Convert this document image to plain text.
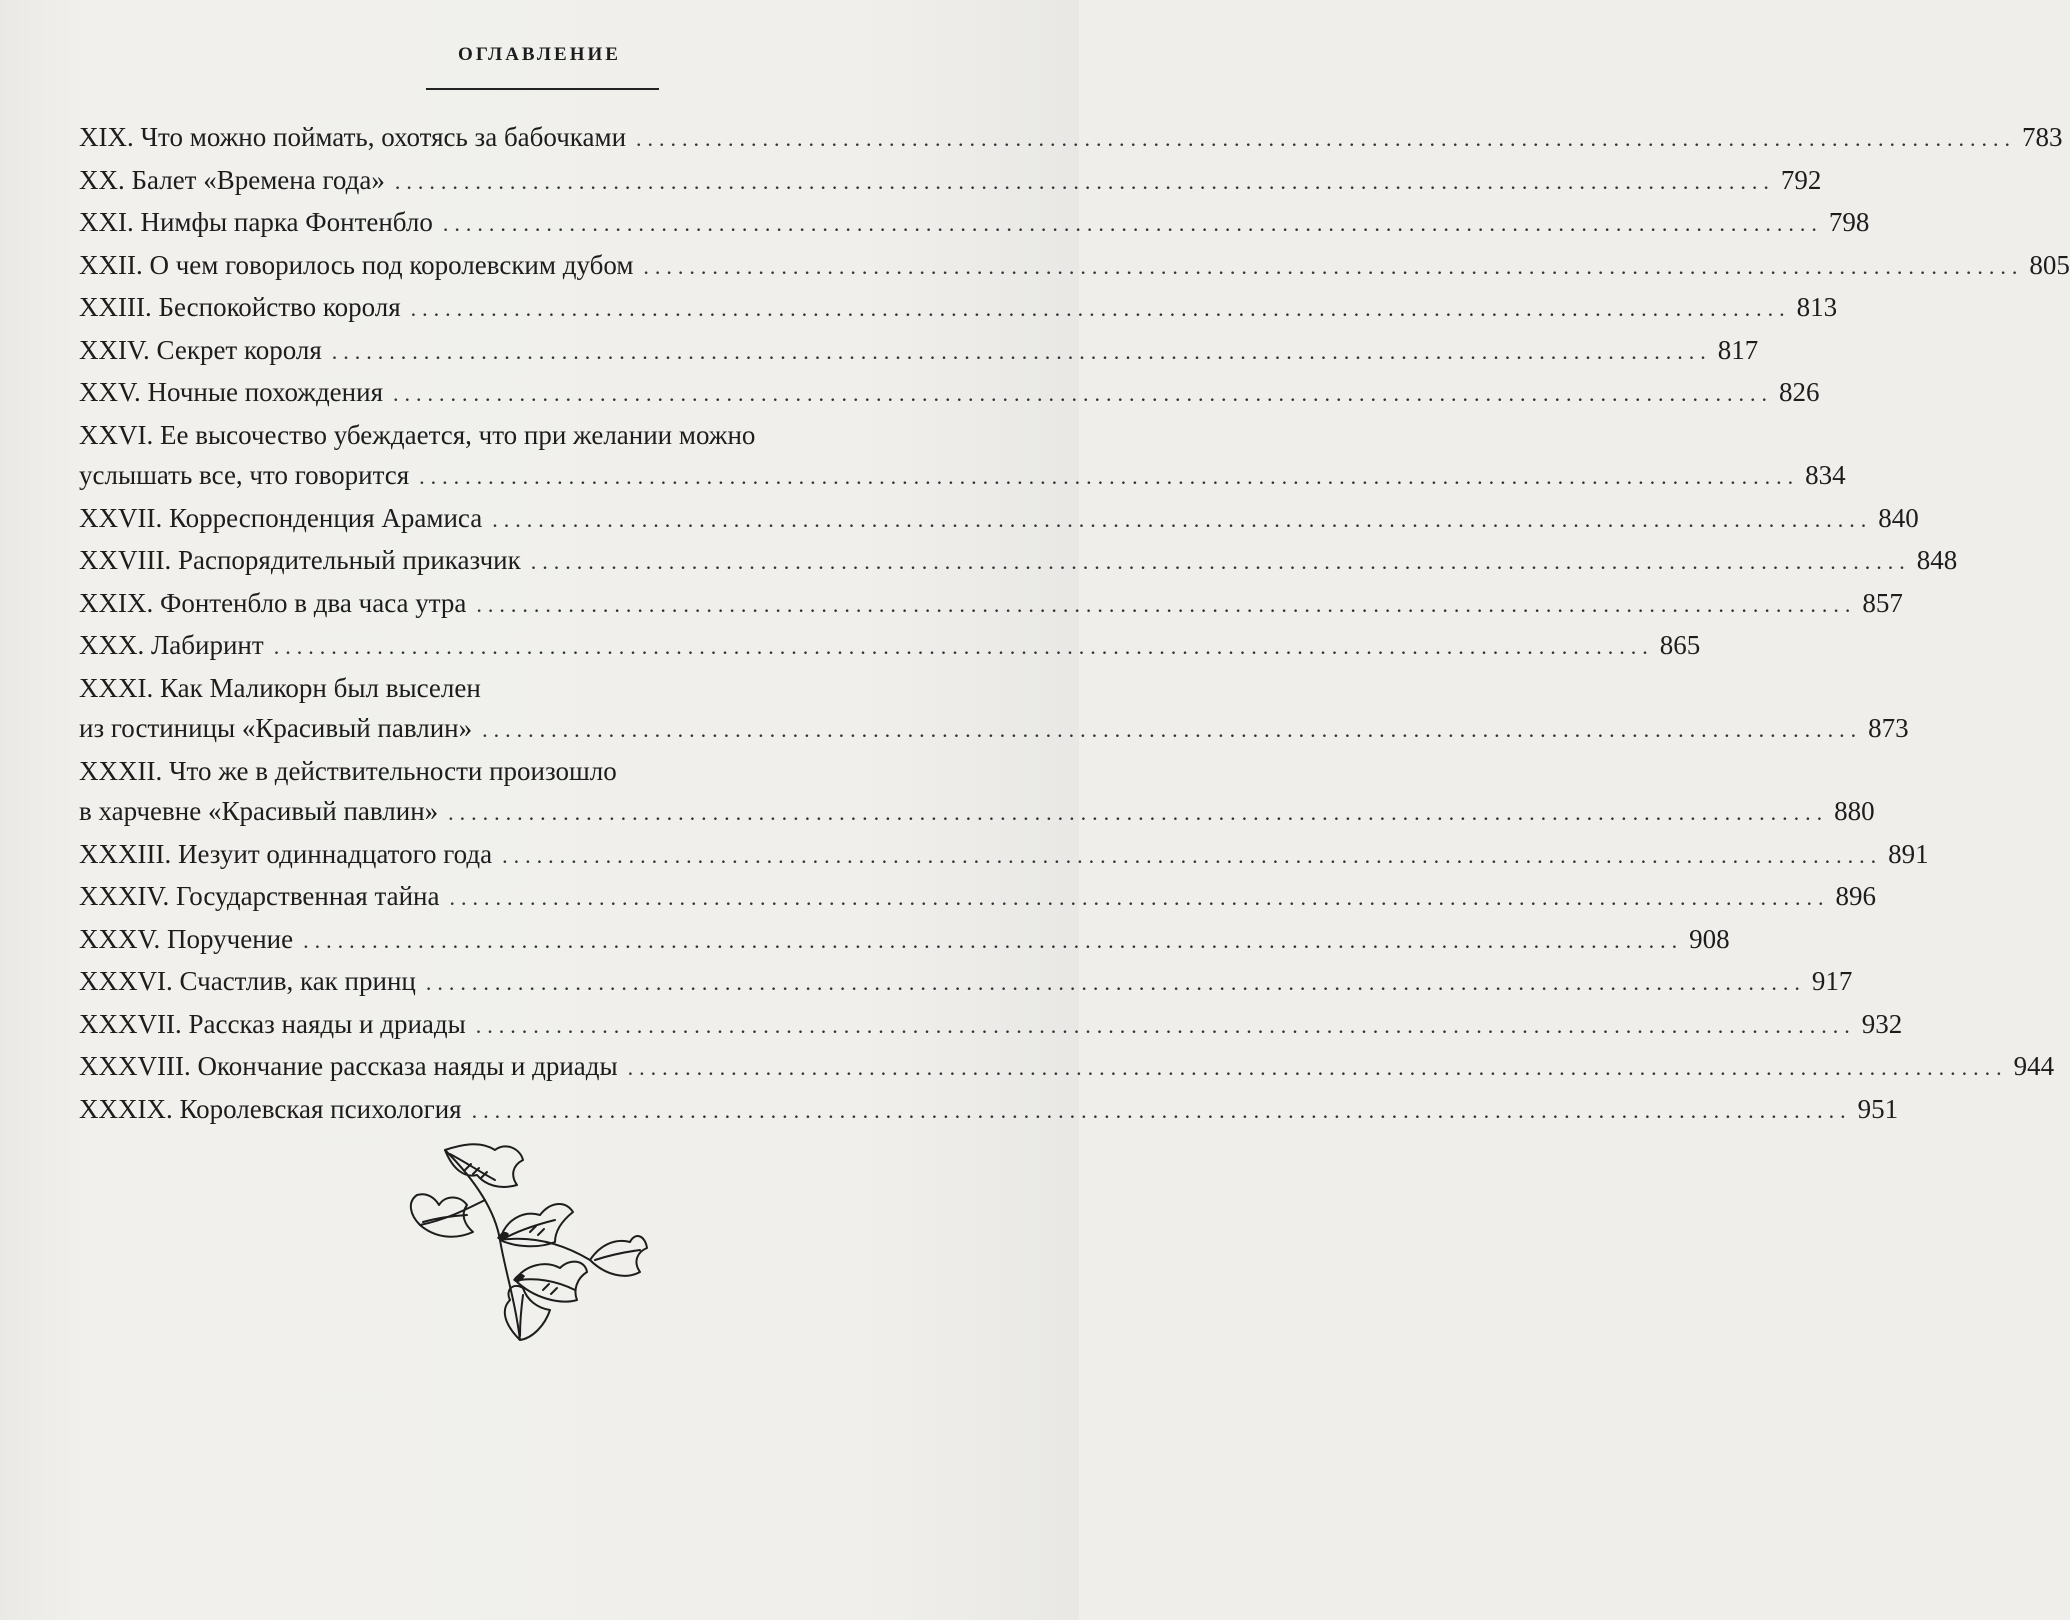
ОГЛАВЛЕНИЕ
XIX. Что можно поймать, охотясь за бабочками ........................................................................................................................ 783
XX. Балет «Времена года» ........................................................................................................................ 792
XXI. Нимфы парка Фонтенбло ........................................................................................................................ 798
XXII. О чем говорилось под королевским дубом ........................................................................................................................ 805
XXIII. Беспокойство короля ........................................................................................................................ 813
XXIV. Секрет короля ........................................................................................................................ 817
XXV. Ночные похождения ........................................................................................................................ 826
XXVI. Ее высочество убеждается, что при желании можно
услышать все, что говорится ........................................................................................................................ 834
XXVII. Корреспонденция Арамиса ........................................................................................................................ 840
XXVIII. Распорядительный приказчик ........................................................................................................................ 848
XXIX. Фонтенбло в два часа утра ........................................................................................................................ 857
XXX. Лабиринт ........................................................................................................................ 865
XXXI. Как Маликорн был выселен
из гостиницы «Красивый павлин» ........................................................................................................................ 873
XXXII. Что же в действительности произошло
в харчевне «Красивый павлин» ........................................................................................................................ 880
XXXIII. Иезуит одиннадцатого года ........................................................................................................................ 891
XXXIV. Государственная тайна ........................................................................................................................ 896
XXXV. Поручение ........................................................................................................................ 908
XXXVI. Счастлив, как принц ........................................................................................................................ 917
XXXVII. Рассказ наяды и дриады ........................................................................................................................ 932
XXXVIII. Окончание рассказа наяды и дриады ........................................................................................................................ 944
XXXIX. Королевская психология ........................................................................................................................ 951
